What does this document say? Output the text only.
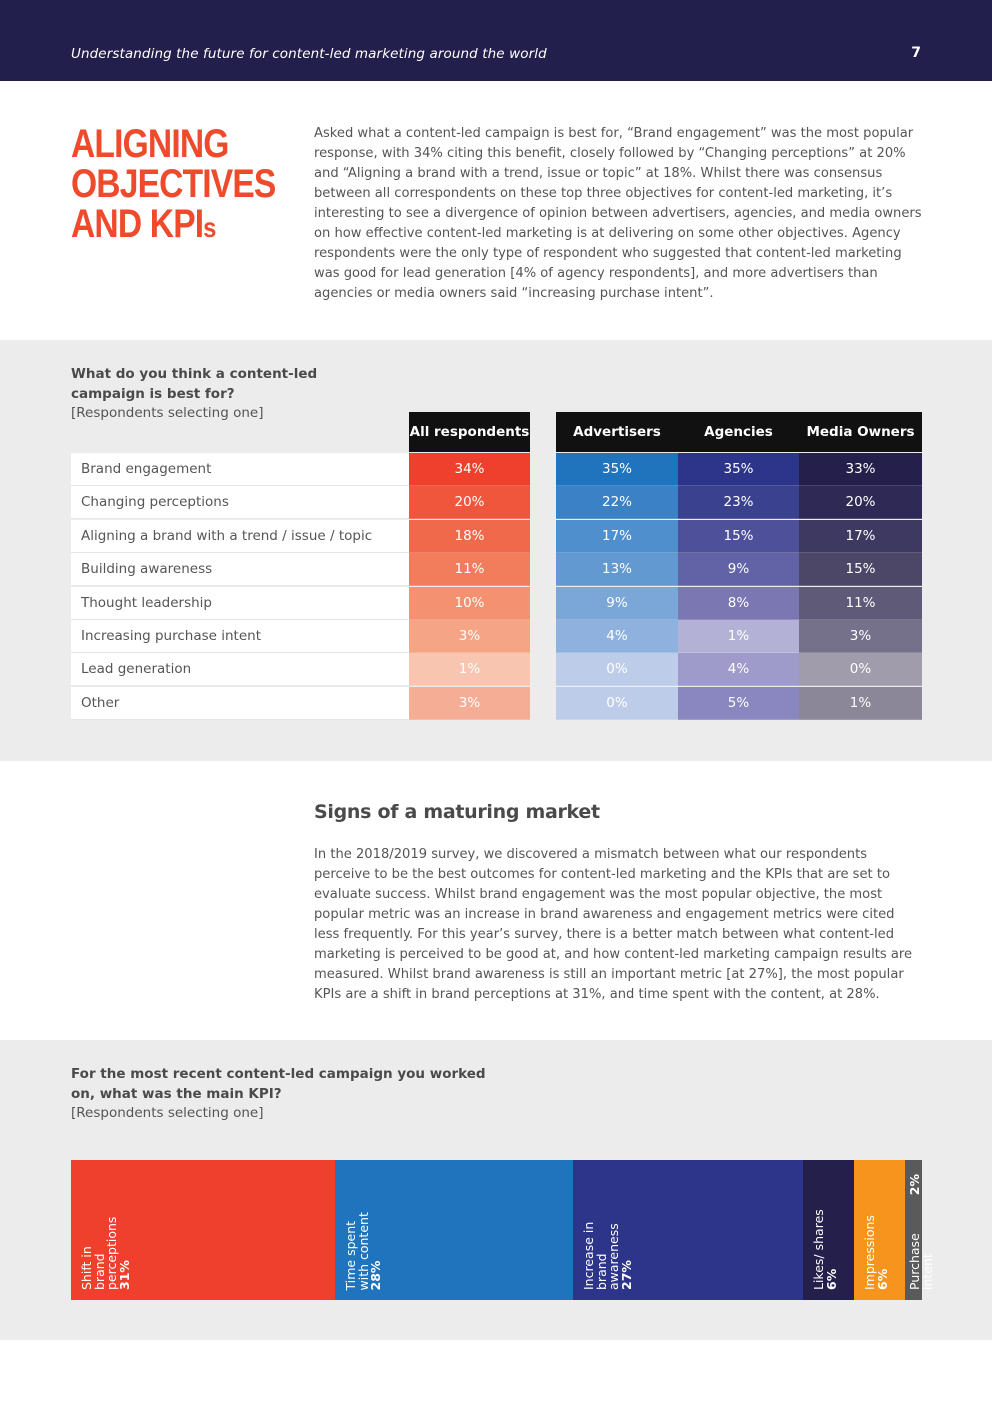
Understanding the future for content-led marketing around the world	7
ALIGNING
OBJECTIVES
AND KPIs

Asked what a content-led campaign is best for, “Brand engagement” was the most popular response, with 34% citing this benefit, closely followed by “Changing perceptions” at 20% and “Aligning a brand with a trend, issue or topic” at 18%. Whilst there was consensus between all correspondents on these top three objectives for content-led marketing, it’s interesting to see a divergence of opinion between advertisers, agencies, and media owners on how effective content-led marketing is at delivering on some other objectives. Agency respondents were the only type of respondent who suggested that content-led marketing was good for lead generation [4% of agency respondents], and more advertisers than agencies or media owners said “increasing purchase intent”.

What do you think a content-led campaign is best for?
[Respondents selecting one]
All respondents	Advertisers	Agencies	Media Owners
Brand engagement	34%	35%	35%	33%
Changing perceptions	20%	22%	23%	20%
Aligning a brand with a trend / issue / topic	18%	17%	15%	17%
Building awareness	11%	13%	9%	15%
Thought leadership	10%	9%	8%	11%
Increasing purchase intent	3%	4%	1%	3%
Lead generation	1%	0%	4%	0%
Other	3%	0%	5%	1%
Signs of a maturing market

In the 2018/2019 survey, we discovered a mismatch between what our respondents perceive to be the best outcomes for content-led marketing and the KPIs that are set to evaluate success. Whilst brand engagement was the most popular objective, the most popular metric was an increase in brand awareness and engagement metrics were cited less frequently. For this year’s survey, there is a better match between what content-led marketing is perceived to be good at, and how content-led marketing campaign results are measured. Whilst brand awareness is still an important metric [at 27%], the most popular KPIs are a shift in brand perceptions at 31%, and time spent with the content, at 28%.

For the most recent content-led campaign you worked on, what was the main KPI?
[Respondents selecting one]
Shift in brand perceptions
31%	Time spent with content
28%	Increase in brand awareness
27%	Likes/ shares
6% Impressions
6% Purchase intent
2%
